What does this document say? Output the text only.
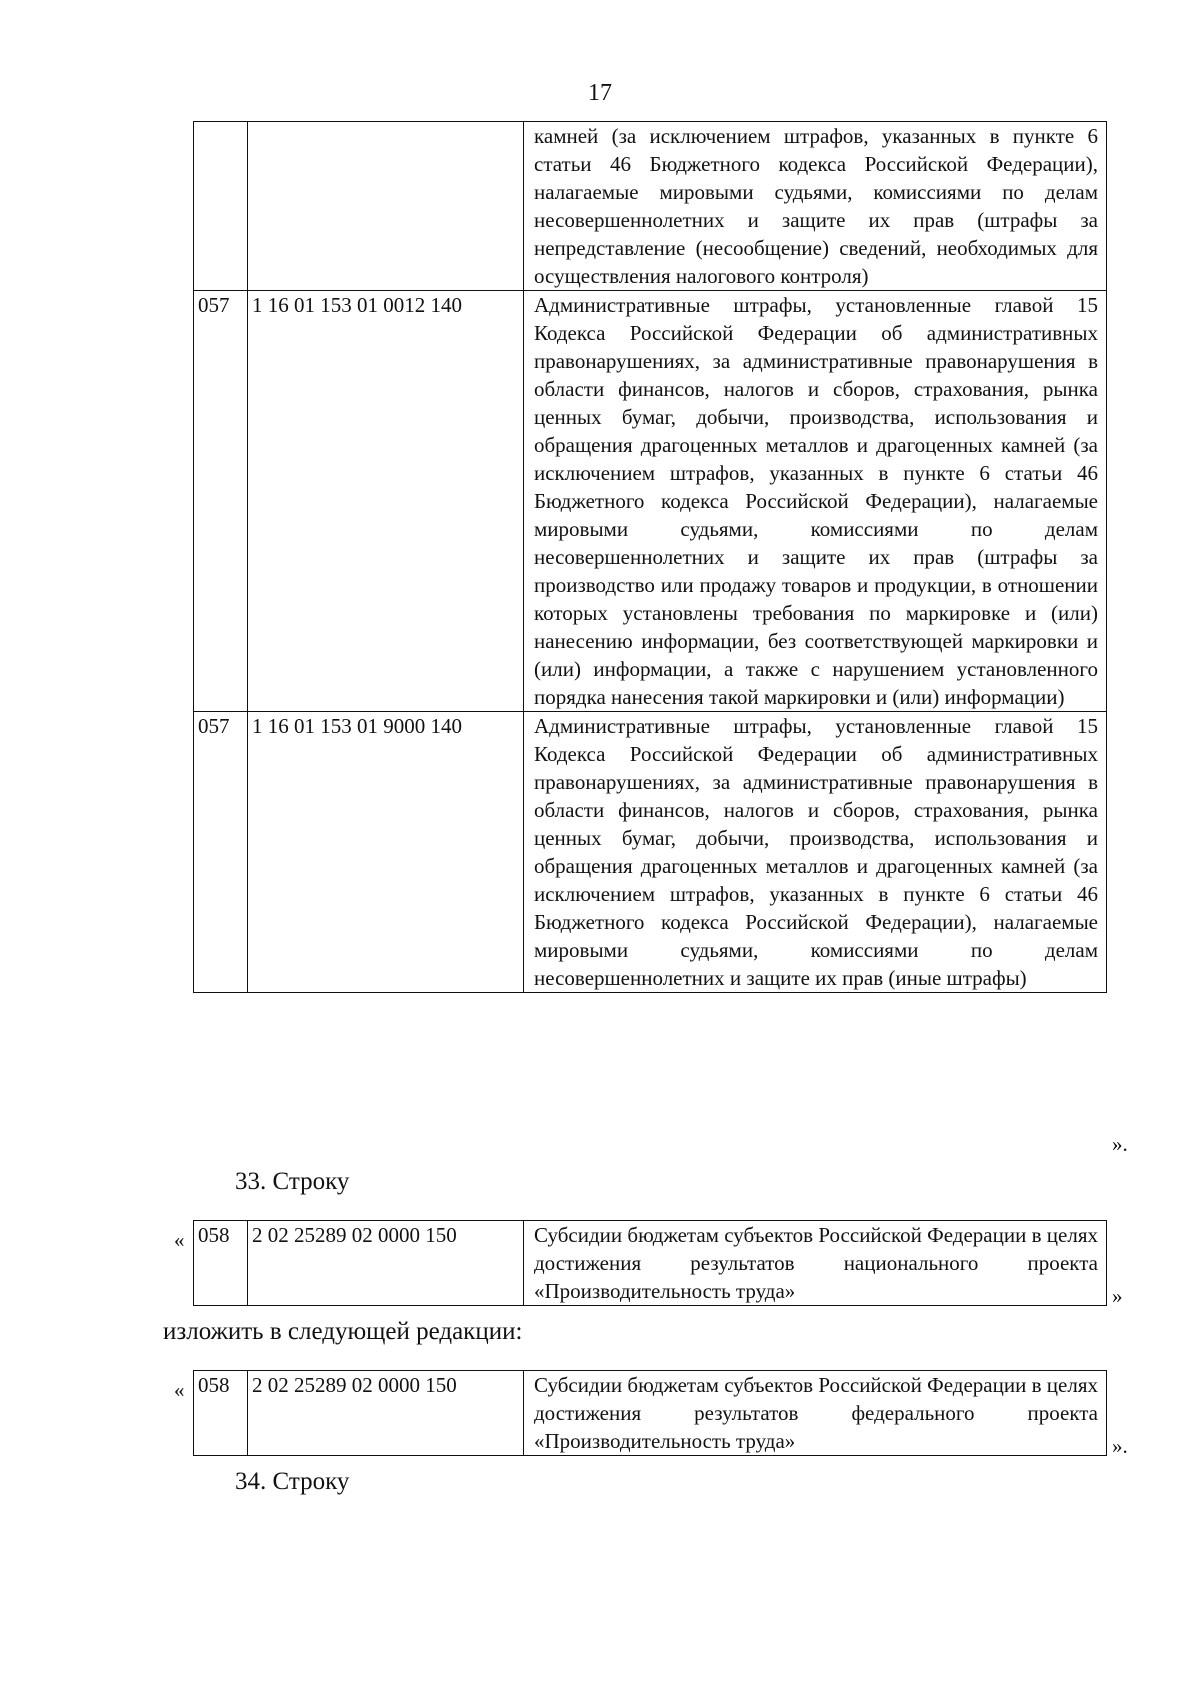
17
		камней (за исключением штрафов, указанных в пункте 6 статьи 46 Бюджетного кодекса Российской Федерации), налагаемые мировыми судьями, комиссиями по делам несовершеннолетних и защите их прав (штрафы за непредставление (несообщение) сведений, необходимых для осуществления налогового контроля)
057	1 16 01 153 01 0012 140	Административные штрафы, установленные главой 15 Кодекса Российской Федерации об административных правонарушениях, за административные правонарушения в области финансов, налогов и сборов, страхования, рынка ценных бумаг, добычи, производства, использования и обращения драгоценных металлов и драгоценных камней (за исключением штрафов, указанных в пункте 6 статьи 46 Бюджетного кодекса Российской Федерации), налагаемые мировыми судьями, комиссиями по делам несовершеннолетних и защите их прав (штрафы за производство или продажу товаров и продукции, в отношении которых установлены требования по маркировке и (или) нанесению информации, без соответствующей маркировки и (или) информации, а также с нарушением установленного порядка нанесения такой маркировки и (или) информации)
057	1 16 01 153 01 9000 140	Административные штрафы, установленные главой 15 Кодекса Российской Федерации об административных правонарушениях, за административные правонарушения в области финансов, налогов и сборов, страхования, рынка ценных бумаг, добычи, производства, использования и обращения драгоценных металлов и драгоценных камней (за исключением штрафов, указанных в пункте 6 статьи 46 Бюджетного кодекса Российской Федерации), налагаемые мировыми судьями, комиссиями по делам несовершеннолетних и защите их прав (иные штрафы)
».
33. Строку
« 058	2 02 25289 02 0000 150	Субсидии бюджетам субъектов Российской Федерации в целях достижения результатов национального проекта «Производительность труда»	»
изложить в следующей редакции:
« 058	2 02 25289 02 0000 150	Субсидии бюджетам субъектов Российской Федерации в целях достижения результатов федерального проекта «Производительность труда»	».
34. Строку
